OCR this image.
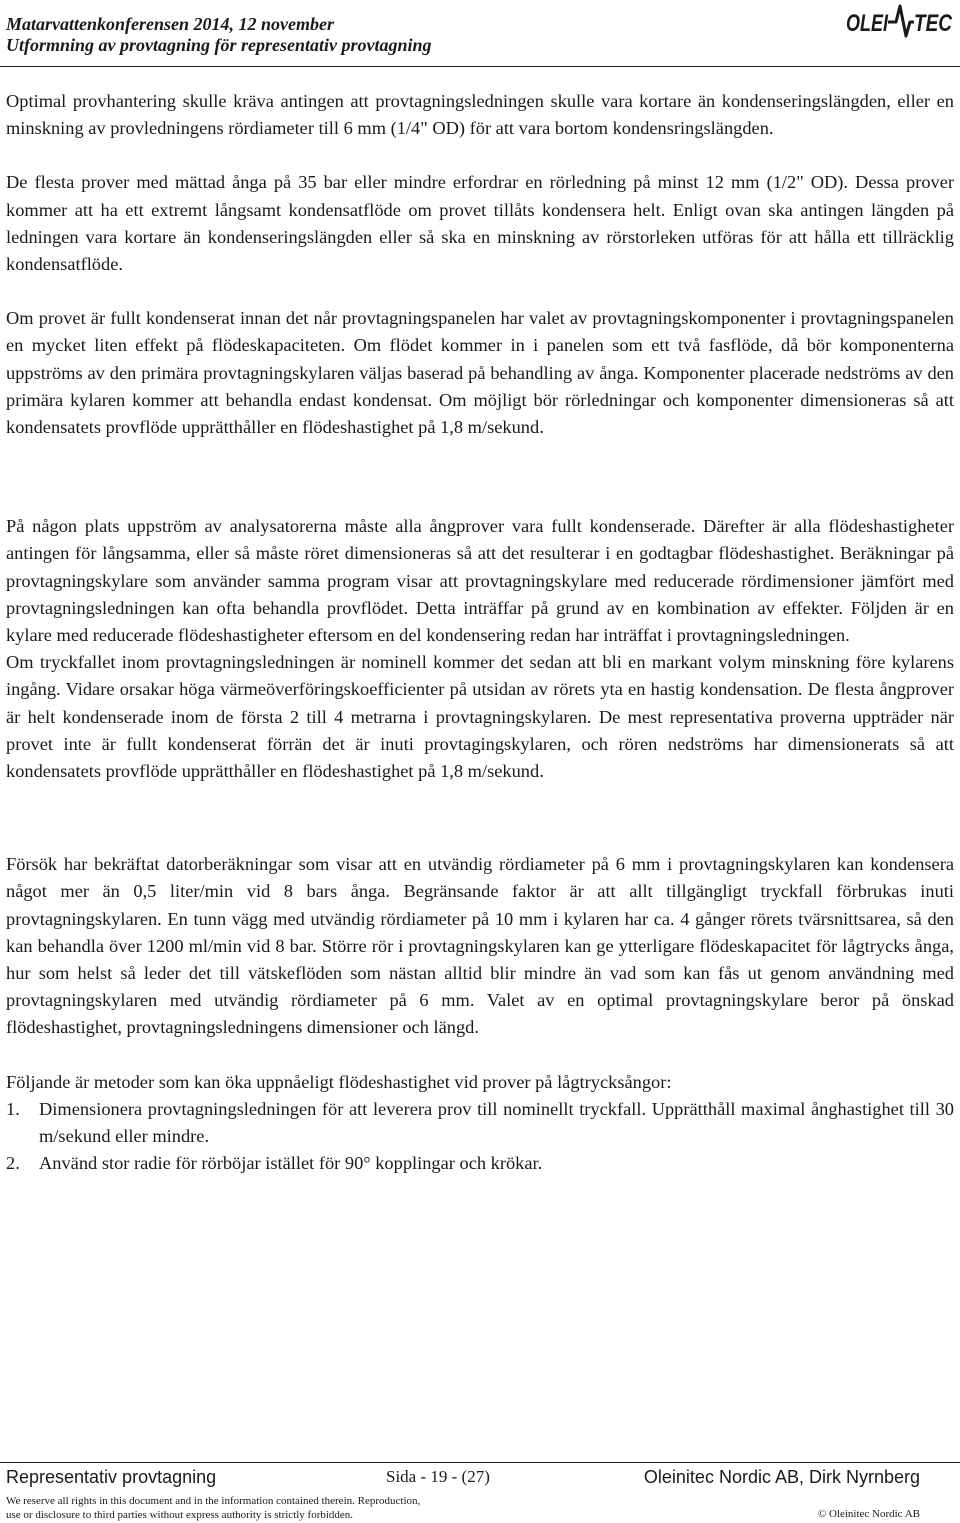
Matarvattenkonferensen 2014, 12 november
Utformning av provtagning för representativ provtagning
OLEI TEC

Optimal provhantering skulle kräva antingen att provtagningsledningen skulle vara kortare än kondenseringslängden, eller en minskning av provledningens rördiameter till 6 mm (1/4" OD) för att vara bortom kondensringslängden.

De flesta prover med mättad ånga på 35 bar eller mindre erfordrar en rörledning på minst 12 mm (1/2" OD). Dessa prover kommer att ha ett extremt långsamt kondensatflöde om provet tillåts kondensera helt. Enligt ovan ska antingen längden på ledningen vara kortare än kondenseringslängden eller så ska en minskning av rörstorleken utföras för att hålla ett tillräcklig kondensatflöde.

Om provet är fullt kondenserat innan det når provtagningspanelen har valet av provtagningskomponenter i provtagningspanelen en mycket liten effekt på flödeskapaciteten. Om flödet kommer in i panelen som ett två fasflöde, då bör komponenterna uppströms av den primära provtagningskylaren väljas baserad på behandling av ånga. Komponenter placerade nedströms av den primära kylaren kommer att behandla endast kondensat. Om möjligt bör rörledningar och komponenter dimensioneras så att kondensatets provflöde upprätthåller en flödeshastighet på 1,8 m/sekund.

På någon plats uppström av analysatorerna måste alla ångprover vara fullt kondenserade. Därefter är alla flödeshastigheter antingen för långsamma, eller så måste röret dimensioneras så att det resulterar i en godtagbar flödeshastighet. Beräkningar på provtagningskylare som använder samma program visar att provtagningskylare med reducerade rördimensioner jämfört med provtagningsledningen kan ofta behandla provflödet. Detta inträffar på grund av en kombination av effekter. Följden är en kylare med reducerade flödeshastigheter eftersom en del kondensering redan har inträffat i provtagningsledningen.

Om tryckfallet inom provtagningsledningen är nominell kommer det sedan att bli en markant volym minskning före kylarens ingång. Vidare orsakar höga värmeöverföringskoefficienter på utsidan av rörets yta en hastig kondensation. De flesta ångprover är helt kondenserade inom de första 2 till 4 metrarna i provtagningskylaren. De mest representativa proverna uppträder när provet inte är fullt kondenserat förrän det är inuti provtagingskylaren, och rören nedströms har dimensionerats så att kondensatets provflöde upprätthåller en flödeshastighet på 1,8 m/sekund.

Försök har bekräftat datorberäkningar som visar att en utvändig rördiameter på 6 mm i provtagningskylaren kan kondensera något mer än 0,5 liter/min vid 8 bars ånga. Begränsande faktor är att allt tillgängligt tryckfall förbrukas inuti provtagningskylaren. En tunn vägg med utvändig rördiameter på 10 mm i kylaren har ca. 4 gånger rörets tvärsnittsarea, så den kan behandla över 1200 ml/min vid 8 bar. Större rör i provtagningskylaren kan ge ytterligare flödeskapacitet för lågtrycks ånga, hur som helst så leder det till vätskeflöden som nästan alltid blir mindre än vad som kan fås ut genom användning med provtagningskylaren med utvändig rördiameter på 6 mm. Valet av en optimal provtagningskylare beror på önskad flödeshastighet, provtagningsledningens dimensioner och längd.

Följande är metoder som kan öka uppnåeligt flödeshastighet vid prover på lågtrycksångor:

1. Dimensionera provtagningsledningen för att leverera prov till nominellt tryckfall. Upprätthåll maximal ånghastighet till 30 m/sekund eller mindre.
2. Använd stor radie för rörböjar istället för 90° kopplingar och krökar.
Representativ provtagning	Sida - 19 - (27)	Oleinitec Nordic AB, Dirk Nyrnberg
We reserve all rights in this document and in the information contained therein. Reproduction,
use or disclosure to third parties without express authority is strictly forbidden.	© Oleinitec Nordic AB
